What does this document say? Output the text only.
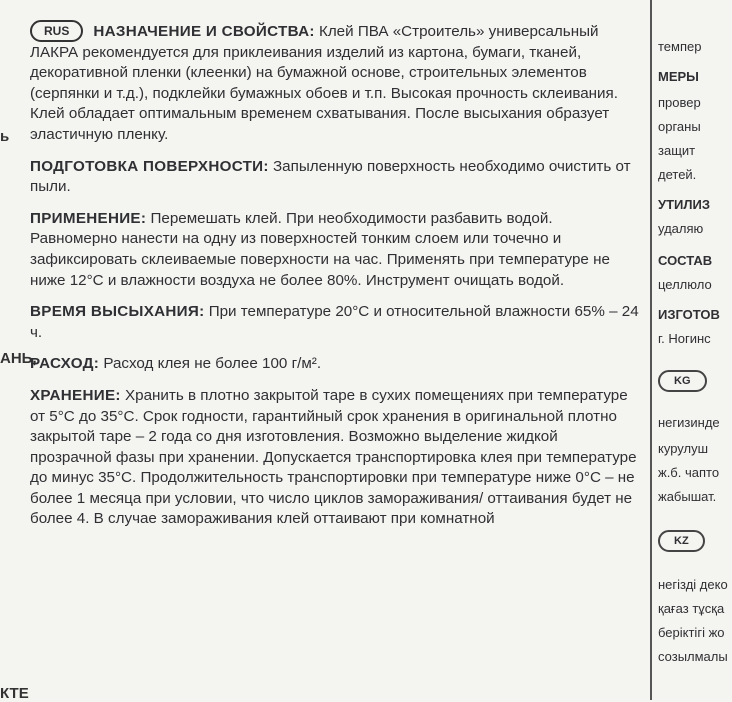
ь
АНЬ,
КТЕ

RUS НАЗНАЧЕНИЕ И СВОЙСТВА: Клей ПВА «Строитель» универсальный ЛАКРА рекомендуется для приклеивания изделий из картона, бумаги, тканей, декоративной пленки (клеенки) на бумажной основе, строительных элементов (серпянки и т.д.), подклейки бумажных обоев и т.п. Высокая прочность склеивания. Клей обладает оптимальным временем схватывания. После высыхания образует эластичную пленку.

ПОДГОТОВКА ПОВЕРХНОСТИ: Запыленную поверхность необходимо очистить от пыли.

ПРИМЕНЕНИЕ: Перемешать клей. При необходимости разбавить водой. Равномерно нанести на одну из поверхностей тонким слоем или точечно и зафиксировать склеиваемые поверхности на час. Применять при температуре не ниже 12°С и влажности воздуха не более 80%. Инструмент очищать водой.

ВРЕМЯ ВЫСЫХАНИЯ: При температуре 20°С и относительной влажности 65% – 24 ч.

РАСХОД: Расход клея не более 100 г/м².

ХРАНЕНИЕ: Хранить в плотно закрытой таре в сухих помещениях при температуре от 5°С до 35°С. Срок годности, гарантийный срок хранения в оригинальной плотно закрытой таре – 2 года со дня изготовления. Возможно выделение жидкой прозрачной фазы при хранении. Допускается транспортировка клея при температуре до минус 35°С. Продолжительность транспортировки при температуре ниже 0°С – не более 1 месяца при условии, что число циклов замораживания/ оттаивания будет не более 4. В случае замораживания клей оттаивают при комнатной

темпер
МЕРЫ
провер
органы
защит
детей.
УТИЛИЗ
удаляю
СОСТАВ
целлюло
ИЗГОТОВ
г. Ногинс
KG
негизинде
курулуш
ж.б. чапто
жабышат.
KZ
негізді деко
қағаз тұсқа
беріктігі жо
созылмалы
